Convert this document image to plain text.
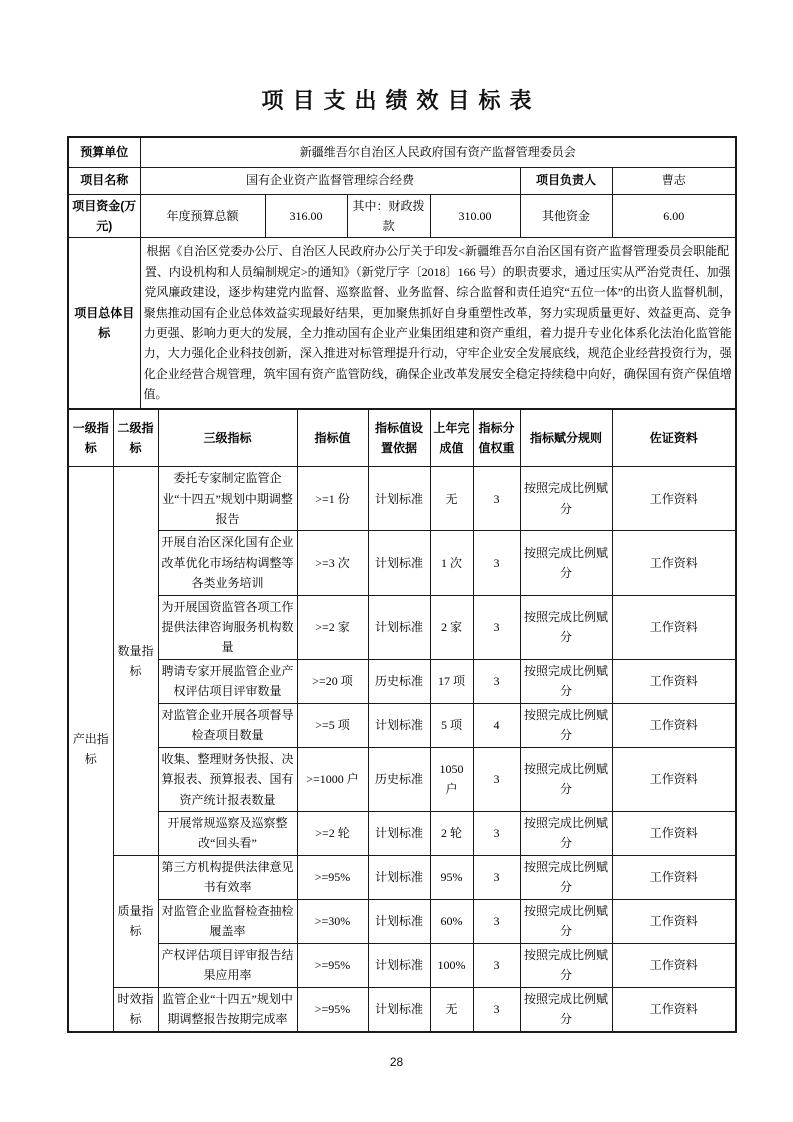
项目支出绩效目标表
预算单位	新疆维吾尔自治区人民政府国有资产监督管理委员会					
项目名称	国有企业资产监督管理综合经费				项目负责人	曹志
项目资金(万元)	年度预算总额	316.00	其中：财政拨款	310.00	其他资金	6.00
项目总体目标	根据《自治区党委办公厅、自治区人民政府办公厅关于印发<新疆维吾尔自治区国有资产监督管理委员会职能配置、内设机构和人员编制规定>的通知》（新党厅字〔2018〕166 号）的职责要求，通过压实从严治党责任、加强党风廉政建设，逐步构建党内监督、巡察监督、业务监督、综合监督和责任追究“五位一体”的出资人监督机制，聚焦推动国有企业总体效益实现最好结果，更加聚焦抓好自身重塑性改革，努力实现质量更好、效益更高、竞争力更强、影响力更大的发展，全力推动国有企业产业集团组建和资产重组，着力提升专业化体系化法治化监管能力，大力强化企业科技创新，深入推进对标管理提升行动，守牢企业安全发展底线，规范企业经营投资行为，强化企业经营合规管理，筑牢国有资产监管防线，确保企业改革发展安全稳定持续稳中向好，确保国有资产保值增值。					
一级指标	二级指标	三级指标	指标值	指标值设置依据	上年完成值	指标分值权重	指标赋分规则	佐证资料
产出指标	数量指标	委托专家制定监管企业“十四五”规划中期调整报告	>=1 份	计划标准	无	3	按照完成比例赋分	工作资料
		开展自治区深化国有企业改革优化市场结构调整等各类业务培训	>=3 次	计划标准	1 次	3	按照完成比例赋分	工作资料
		为开展国资监管各项工作提供法律咨询服务机构数量	>=2 家	计划标准	2 家	3	按照完成比例赋分	工作资料
		聘请专家开展监管企业产权评估项目评审数量	>=20 项	历史标准	17 项	3	按照完成比例赋分	工作资料
		对监管企业开展各项督导检查项目数量	>=5 项	计划标准	5 项	4	按照完成比例赋分	工作资料
		收集、整理财务快报、决算报表、预算报表、国有资产统计报表数量	>=1000 户	历史标准	1050 户	3	按照完成比例赋分	工作资料
		开展常规巡察及巡察整改“回头看”	>=2 轮	计划标准	2 轮	3	按照完成比例赋分	工作资料
	质量指标	第三方机构提供法律意见书有效率	>=95%	计划标准	95%	3	按照完成比例赋分	工作资料
		对监管企业监督检查抽检履盖率	>=30%	计划标准	60%	3	按照完成比例赋分	工作资料
		产权评估项目评审报告结果应用率	>=95%	计划标准	100%	3	按照完成比例赋分	工作资料
	时效指标	监管企业“十四五”规划中期调整报告按期完成率	>=95%	计划标准	无	3	按照完成比例赋分	工作资料
28
